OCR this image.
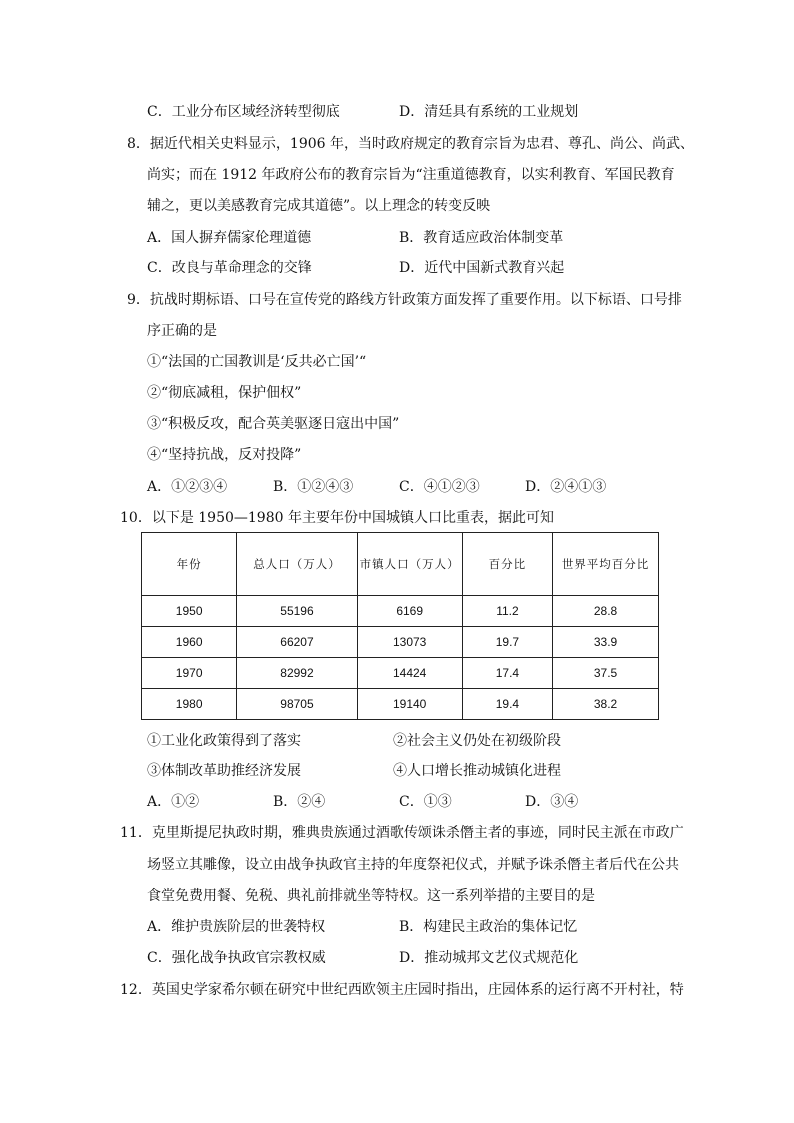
C．工业分布区域经济转型彻底	D．清廷具有系统的工业规划
8．据近代相关史料显示，1906 年，当时政府规定的教育宗旨为忠君、尊孔、尚公、尚武、
尚实；而在 1912 年政府公布的教育宗旨为“注重道德教育，以实利教育、军国民教育
辅之，更以美感教育完成其道德”。以上理念的转变反映
A．国人摒弃儒家伦理道德	B．教育适应政治体制变革
C．改良与革命理念的交锋	D．近代中国新式教育兴起
9．抗战时期标语、口号在宣传党的路线方针政策方面发挥了重要作用。以下标语、口号排
序正确的是
①“法国的亡国教训是‘反共必亡国’“
②“彻底减租，保护佃权”
③“积极反攻，配合英美驱逐日寇出中国”
④“坚持抗战，反对投降”
A．①②③④	B．①②④③	C．④①②③	D．②④①③
10．以下是 1950—1980 年主要年份中国城镇人口比重表，据此可知
年份	总人口（万人）	市镇人口（万人）	百分比	世界平均百分比
1950	55196	6169	11.2	28.8
1960	66207	13073	19.7	33.9
1970	82992	14424	17.4	37.5
1980	98705	19140	19.4	38.2
①工业化政策得到了落实	②社会主义仍处在初级阶段
③体制改革助推经济发展	④人口增长推动城镇化进程
A．①②	B．②④	C．①③	D．③④
11．克里斯提尼执政时期，雅典贵族通过酒歌传颂诛杀僭主者的事迹，同时民主派在市政广
场竖立其雕像，设立由战争执政官主持的年度祭祀仪式，并赋予诛杀僭主者后代在公共
食堂免费用餐、免税、典礼前排就坐等特权。这一系列举措的主要目的是
A．维护贵族阶层的世袭特权	B．构建民主政治的集体记忆
C．强化战争执政官宗教权威	D．推动城邦文艺仪式规范化
12．英国史学家希尔顿在研究中世纪西欧领主庄园时指出，庄园体系的运行离不开村社，特
